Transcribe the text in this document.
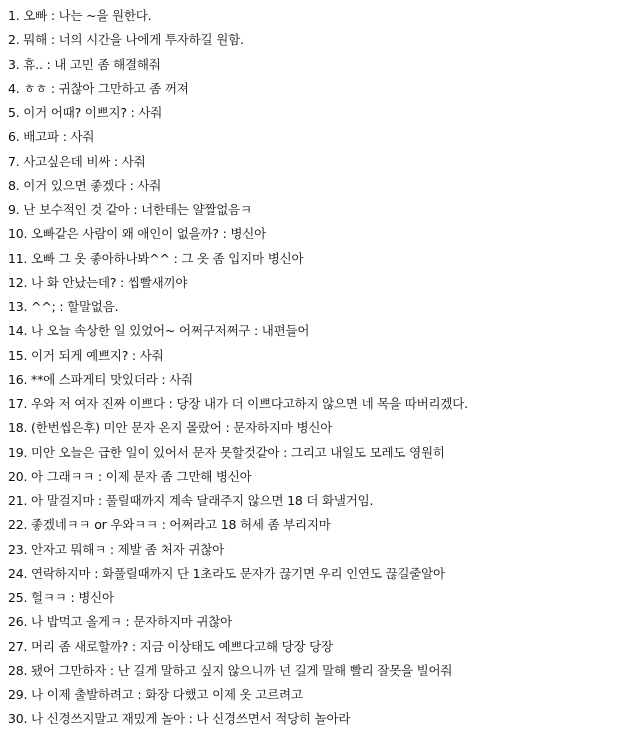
1. 오빠 : 나는 ~을 원한다.
2. 뭐해 : 너의 시간을 나에게 투자하길 원함.
3. 휴.. : 내 고민 좀 해결해줘
4. ㅎㅎ : 귀찮아 그만하고 좀 꺼져
5. 이거 어때? 이쁘지? : 사줘
6. 배고파 : 사줘
7. 사고싶은데 비싸 : 사줘
8. 이거 있으면 좋겠다 : 사줘
9. 난 보수적인 것 같아 : 너한테는 얄짤없음ㅋ
10. 오빠같은 사람이 왜 애인이 없을까? : 병신아
11. 오빠 그 옷 좋아하나봐^^ : 그 옷 좀 입지마 병신아
12. 나 화 안났는데? : 씹빨새끼야
13. ^^; : 할말없음.
14. 나 오늘 속상한 일 있었어~ 어쩌구저쩌구 : 내편들어
15. 이거 되게 예쁘지? : 사줘
16. **에 스파게티 맛있더라 : 사줘
17. 우와 저 여자 진짜 이쁘다 : 당장 내가 더 이쁘다고하지 않으면 네 목을 따버리겠다.
18. (한번씹은후) 미안 문자 온지 몰랐어 : 문자하지마 병신아
19. 미안 오늘은 급한 일이 있어서 문자 못할것같아 : 그리고 내일도 모레도 영원히
20. 아 그래ㅋㅋ : 이제 문자 좀 그만해 병신아
21. 아 말걸지마 : 풀릴때까지 계속 달래주지 않으면 18 더 화낼거임.
22. 좋겠네ㅋㅋ or 우와ㅋㅋ : 어쩌라고 18 허세 좀 부리지마
23. 안자고 뭐해ㅋ : 제발 좀 처자 귀찮아
24. 연락하지마 : 화풀릴때까지 단 1초라도 문자가 끊기면 우리 인연도 끊길줄알아
25. 헐ㅋㅋ : 병신아
26. 나 밥먹고 올게ㅋ : 문자하지마 귀찮아
27. 머리 좀 새로할까? : 지금 이상태도 예쁘다고해 당장 당장
28. 됐어 그만하자 : 난 길게 말하고 싶지 않으니까 넌 길게 말해 빨리 잘못을 빌어줘
29. 나 이제 출발하려고 : 화장 다했고 이제 옷 고르려고
30. 나 신경쓰지말고 재밌게 놀아 : 나 신경쓰면서 적당히 놀아라
